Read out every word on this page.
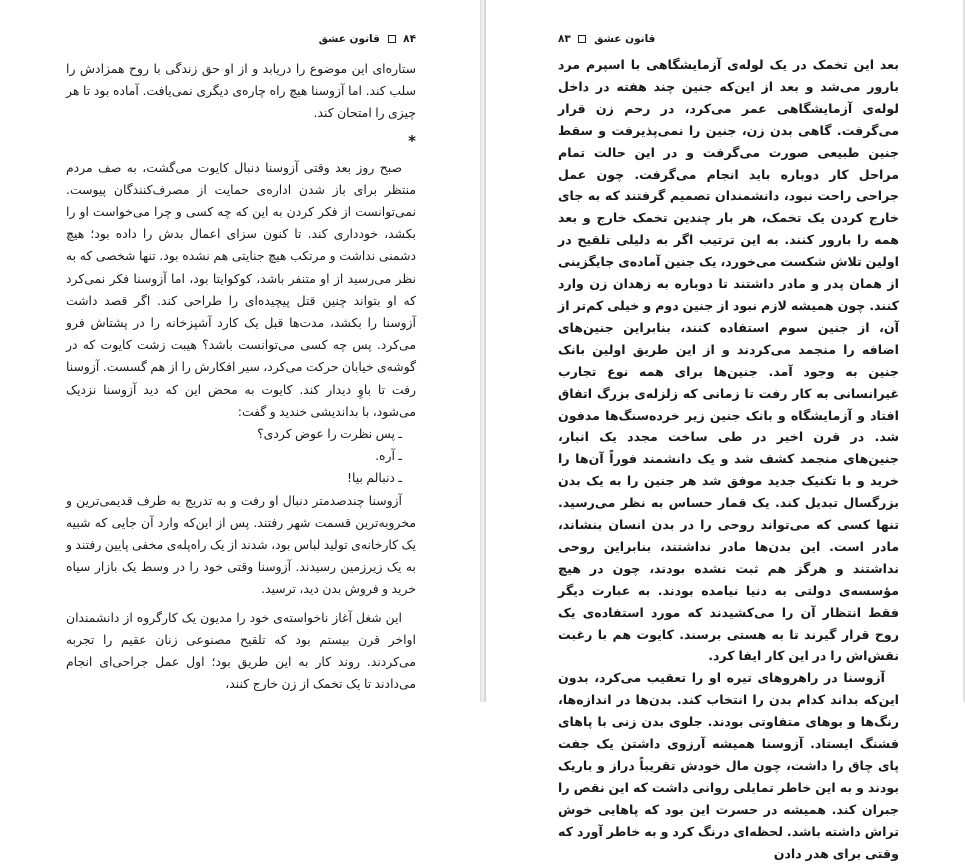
۸۴  قانون عشق

ستاره‌ای این موضوع را دریابد و از او حق زندگی با روح همزادش را سلب کند. اما آزوسنا هیچ راه چاره‌ی دیگری نمی‌یافت. آماده بود تا هر چیزی را امتحان کند.

*

صبح روز بعد وقتی آزوسنا دنبال کایوت می‌گشت، به صف مردم منتظر برای باز شدن اداره‌ی حمایت از مصرف‌کنندگان پیوست. نمی‌توانست از فکر کردن به این که چه کسی و چرا می‌خواست او را بکشد، خودداری کند. تا کنون سزای اعمال بدش را داده بود؛ هیچ دشمنی نداشت و مرتکب هیچ جنایتی هم نشده بود. تنها شخصی که به نظر می‌رسید از او متنفر باشد، کوکوایتا بود، اما آزوسنا فکر نمی‌کرد که او بتواند چنین قتل پیچیده‌ای را طراحی کند. اگر قصد داشت آزوسنا را بکشد، مدت‌ها قبل یک کارد آشپزخانه را در پشتاش فرو می‌کرد. پس چه کسی می‌توانست باشد؟ هیبت زشت کایوت که در گوشه‌ی خیابان حرکت می‌کرد، سیر افکارش را از هم گسست. آزوسنا رفت تا باوِ دیدار کند. کایوت به محض این که دید آزوسنا نزدیک می‌شود، با بداندیشی خندید و گفت:

ـ پس نظرت را عوض کردی؟

ـ آره.

ـ دنبالم بیا!

آزوسنا چندصدمتر دنبال او رفت و به تدریج به طرف قدیمی‌ترین و مخروبه‌ترین قسمت شهر رفتند. پس از این‌که وارد آن جایی که شبیه یک کارخانه‌ی تولید لباس بود، شدند از یک راه‌پله‌ی مخفی پایین رفتند و به یک زیرزمین رسیدند. آزوسنا وقتی خود را در وسط یک بازار سیاه خرید و فروش بدن دید، ترسید.

این شغل آغاز ناخواسته‌ی خود را مدیون یک کارگروه از دانشمندان اواخر قرن بیستم بود که تلقیح مصنوعی زنان عقیم را تجربه می‌کردند. روند کار به این طریق بود؛ اول عمل جراحی‌ای انجام می‌دادند تا یک تخمک از زن خارج کنند،

قانون عشق  ۸۳

بعد این تخمک در یک لوله‌ی آزمایشگاهی با اسپرم مرد بارور می‌شد و بعد از این‌که جنین چند هفته در داخل لوله‌ی آزمایشگاهی عمر می‌کرد، در رحم زن قرار می‌گرفت. گاهی بدن زن، جنین را نمی‌پذیرفت و سقط جنین طبیعی صورت می‌گرفت و در این حالت تمام مراحل کار دوباره باید انجام می‌گرفت. چون عمل جراحی راحت نبود، دانشمندان تصمیم گرفتند که به جای خارج کردن یک تخمک، هر بار چندین تخمک خارج و بعد همه را بارور کنند. به این ترتیب اگر به دلیلی تلقیح در اولین تلاش شکست می‌خورد، یک جنین آماده‌ی جایگزینی از همان پدر و مادر داشتند تا دوباره به زهدان زن وارد کنند. چون همیشه لازم نبود از جنین دوم و خیلی کم‌تر از آن، از جنین سوم استفاده کنند، بنابراین جنین‌های اضافه را منجمد می‌کردند و از این طریق اولین بانک جنین به وجود آمد. جنین‌ها برای همه نوع تجارب غیرانسانی به کار رفت تا زمانی که زلزله‌ی بزرگ اتفاق افتاد و آزمایشگاه و بانک جنین زیر خرده‌سنگ‌ها مدفون شد. در قرن اخیر در طی ساخت مجدد یک انبار، جنین‌های منجمد کشف شد و یک دانشمند فوراً آن‌ها را خرید و با تکنیک جدید موفق شد هر جنین را به یک بدن بزرگسال تبدیل کند. یک قمار حساس به نظر می‌رسید. تنها کسی که می‌تواند روحی را در بدن انسان بنشاند، مادر است. این بدن‌ها مادر نداشتند، بنابراین روحی نداشتند و هرگز هم ثبت نشده بودند، چون در هیچ مؤسسه‌ی دولتی به دنیا نیامده بودند. به عبارت دیگر فقط انتظار آن را می‌کشیدند که مورد استفاده‌ی یک روح قرار گیرند تا به هستی برسند. کایوت هم با رغبت نقش‌اش را در این کار ایفا کرد.

آزوسنا در راهروهای تیره او را تعقیب می‌کرد، بدون این‌که بداند کدام بدن را انتخاب کند. بدن‌ها در اندازه‌ها، رنگ‌ها و بوهای متفاوتی بودند. جلوی بدن زنی با پاهای قشنگ ایستاد. آزوسنا همیشه آرزوی داشتن یک جفت پای چاق را داشت، چون مال خودش تقریباً دراز و باریک بودند و به این خاطر تمایلی روانی داشت که این نقص را جبران کند. همیشه در حسرت این بود که پاهایی خوش تراش داشته باشد. لحظه‌ای درنگ کرد و به خاطر آورد که وقتی برای هدر دادن
